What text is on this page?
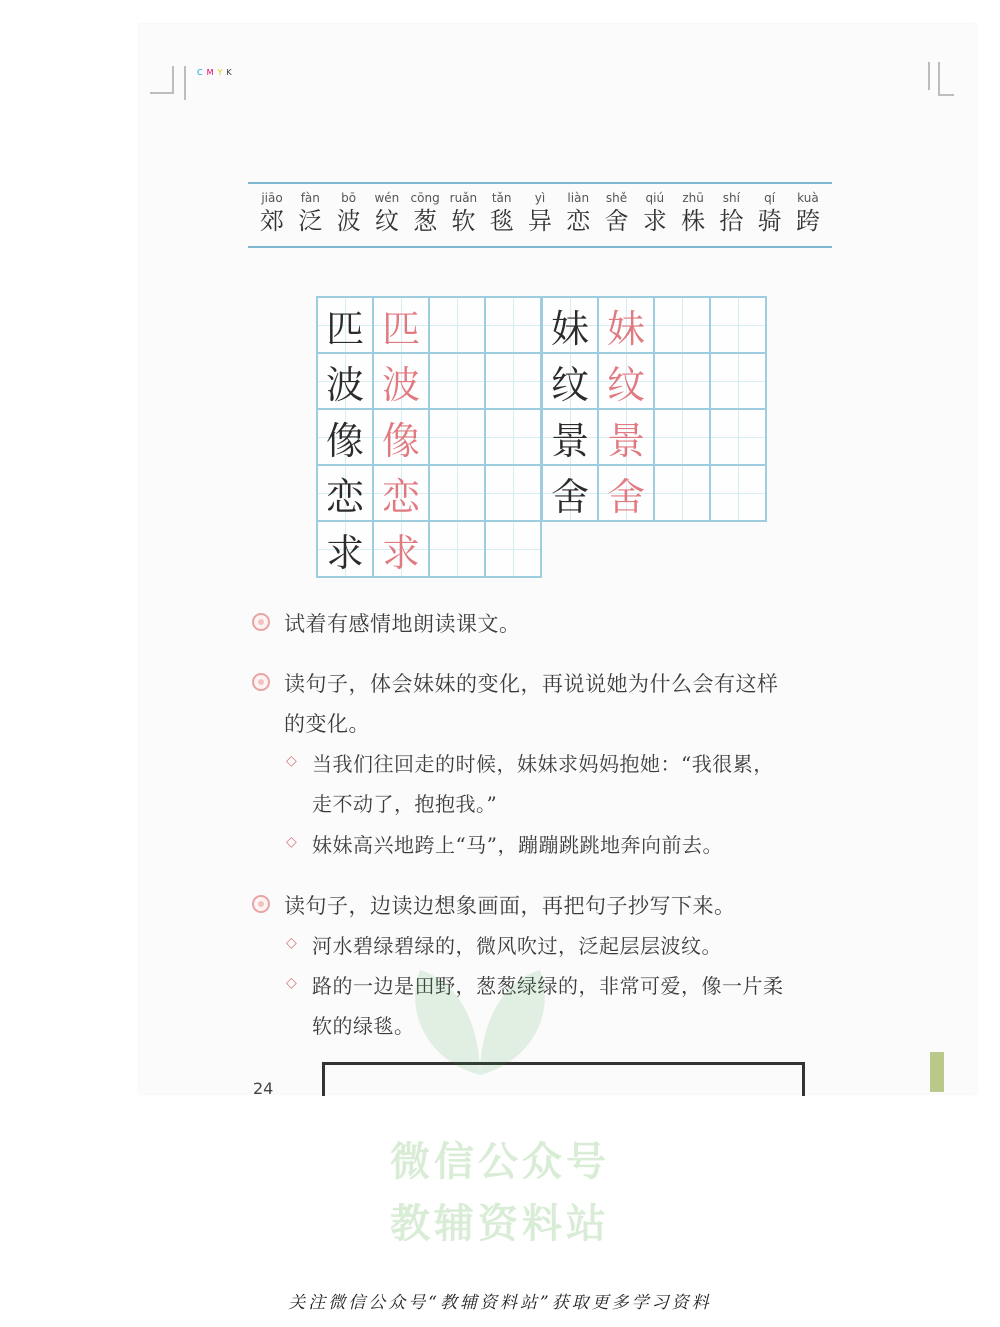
CMYK
jiāo
郊
fàn
泛
bō
波
wén
纹
cōng
葱
ruǎn
软
tǎn
毯
yì
异
liàn
恋
shě
舍
qiú
求
zhū
株
shí
拾
qí
骑
kuà
跨
匹 匹
波 波
像 像
恋 恋
求 求
妹 妹
纹 纹
景 景
舍 舍
试着有感情地朗读课文。
读句子，体会妹妹的变化，再说说她为什么会有这样
的变化。
◇ 当我们往回走的时候，妹妹求妈妈抱她：“我很累，
走不动了，抱抱我。”
◇ 妹妹高兴地跨上“马”，蹦蹦跳跳地奔向前去。
读句子，边读边想象画面，再把句子抄写下来。
◇ 河水碧绿碧绿的，微风吹过，泛起层层波纹。
◇ 路的一边是田野，葱葱绿绿的，非常可爱，像一片柔
软的绿毯。
24
微信公众号
教辅资料站
关注微信公众号“教辅资料站”获取更多学习资料
